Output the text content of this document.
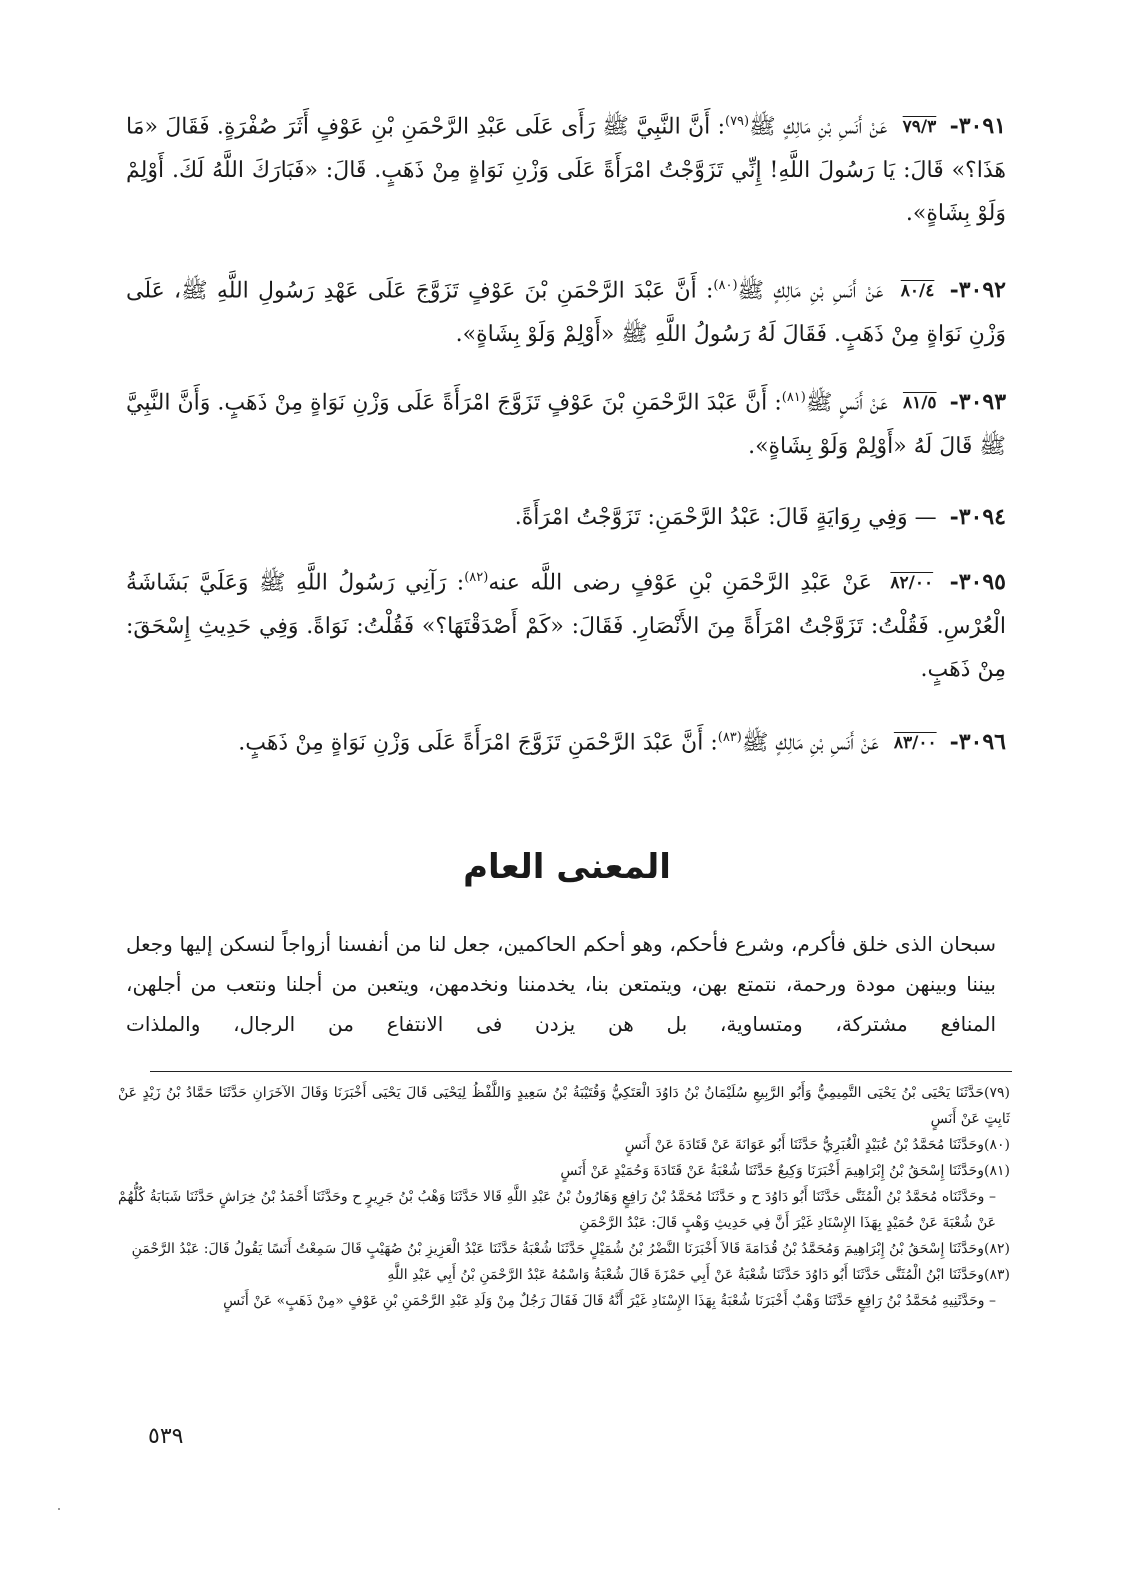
٣٠٩١- ٧٩/٣ عَنْ أَنَسِ بْنِ مَالِكٍ ﷺ$^{(٧٩)}$: أَنَّ النَّبِيَّ ﷺ رَأَى عَلَى عَبْدِ الرَّحْمَنِ بْنِ عَوْفٍ أَثَرَ صُفْرَةٍ. فَقَالَ «مَا هَذَا؟» قَالَ: يَا رَسُولَ اللَّهِ! إِنِّي تَزَوَّجْتُ امْرَأَةً عَلَى وَزْنِ نَوَاةٍ مِنْ ذَهَبٍ. قَالَ: «فَبَارَكَ اللَّهُ لَكَ. أَوْلِمْ وَلَوْ بِشَاةٍ».
٣٠٩٢- ٨٠/٤ عَنْ أَنَسِ بْنِ مَالِكٍ ﷺ$^{(٨٠)}$: أَنَّ عَبْدَ الرَّحْمَنِ بْنَ عَوْفٍ تَزَوَّجَ عَلَى عَهْدِ رَسُولِ اللَّهِ ﷺ، عَلَى وَزْنِ نَوَاةٍ مِنْ ذَهَبٍ. فَقَالَ لَهُ رَسُولُ اللَّهِ ﷺ «أَوْلِمْ وَلَوْ بِشَاةٍ».
٣٠٩٣- ٨١/٥ عَنْ أَنَسٍ ﷺ$^{(٨١)}$: أَنَّ عَبْدَ الرَّحْمَنِ بْنَ عَوْفٍ تَزَوَّجَ امْرَأَةً عَلَى وَزْنِ نَوَاةٍ مِنْ ذَهَبٍ. وَأَنَّ النَّبِيَّ ﷺ قَالَ لَهُ «أَوْلِمْ وَلَوْ بِشَاةٍ».
٣٠٩٤- — وَفِي رِوَايَةٍ قَالَ: عَبْدُ الرَّحْمَنِ: تَزَوَّجْتُ امْرَأَةً.
٣٠٩٥- ٨٢/٠٠ عَنْ عَبْدِ الرَّحْمَنِ بْنِ عَوْفٍ رضى اللَّه عنه$^{(٨٢)}$: رَآنِي رَسُولُ اللَّهِ ﷺ وَعَلَيَّ بَشَاشَةُ الْعُرْسِ. فَقُلْتُ: تَزَوَّجْتُ امْرَأَةً مِنَ الأَنْصَارِ. فَقَالَ: «كَمْ أَصْدَقْتَهَا؟» فَقُلْتُ: نَوَاةً. وَفِي حَدِيثِ إِسْحَقَ: مِنْ ذَهَبٍ.
٣٠٩٦- ٨٣/٠٠ عَنْ أَنَسِ بْنِ مَالِكٍ ﷺ$^{(٨٣)}$: أَنَّ عَبْدَ الرَّحْمَنِ تَزَوَّجَ امْرَأَةً عَلَى وَزْنِ نَوَاةٍ مِنْ ذَهَبٍ.
المعنى العام
سبحان الذى خلق فأكرم، وشرع فأحكم، وهو أحكم الحاكمين، جعل لنا من أنفسنا أزواجاً لنسكن إليها وجعل بيننا وبينهن مودة ورحمة، نتمتع بهن، ويتمتعن بنا، يخدمننا ونخدمهن، ويتعبن من أجلنا ونتعب من أجلهن، المنافع مشتركة، ومتساوية، بل هن يزدن فى الانتفاع من الرجال، والملذات

(٧٩)حَدَّثَنَا يَحْيَى بْنُ يَحْيَى التَّمِيمِيُّ وَأَبُو الرَّبِيعِ سُلَيْمَانُ بْنُ دَاوُدَ الْعَتَكِيُّ وَقُتَيْبَةُ بْنُ سَعِيدٍ وَاللَّفْظُ لِيَحْيَى قَالَ يَحْيَى أَخْبَرَنَا وَقَالَ الآخَرَانِ حَدَّثَنَا حَمَّادُ بْنُ زَيْدٍ عَنْ ثَابِتٍ عَنْ أَنَسٍ

(٨٠)وحَدَّثَنَا مُحَمَّدُ بْنُ عُبَيْدٍ الْغُبَرِيُّ حَدَّثَنَا أَبُو عَوَانَةَ عَنْ قَتَادَةَ عَنْ أَنَسٍ

(٨١)وحَدَّثَنَا إِسْحَقُ بْنُ إِبْرَاهِيمَ أَخْبَرَنَا وَكِيعٌ حَدَّثَنَا شُعْبَةُ عَنْ قَتَادَةَ وَحُمَيْدٍ عَنْ أَنَسٍ

– وحَدَّثَنَاه مُحَمَّدُ بْنُ الْمُثَنَّى حَدَّثَنَا أَبُو دَاوُدَ ح و حَدَّثَنَا مُحَمَّدُ بْنُ رَافِعٍ وَهَارُونُ بْنُ عَبْدِ اللَّهِ قَالا حَدَّثَنَا وَهْبُ بْنُ جَرِيرٍ ح وحَدَّثَنَا أَحْمَدُ بْنُ خِرَاشٍ حَدَّثَنَا شَبَابَةُ كُلُّهُمْ عَنْ شُعْبَةَ عَنْ حُمَيْدٍ بِهَذَا الإِسْنَادِ غَيْرَ أَنَّ فِي حَدِيثِ وَهْبٍ قَالَ: عَبْدُ الرَّحْمَنِ

(٨٢)وحَدَّثَنَا إِسْحَقُ بْنُ إِبْرَاهِيمَ وَمُحَمَّدُ بْنُ قُدَامَةَ قَالاَ أَخْبَرَنَا النَّضْرُ بْنُ شُمَيْلٍ حَدَّثَنَا شُعْبَةُ حَدَّثَنَا عَبْدُ الْعَزِيزِ بْنُ صُهَيْبٍ قَالَ سَمِعْتُ أَنَسًا يَقُولُ قَالَ: عَبْدُ الرَّحْمَنِ

(٨٣)وحَدَّثَنَا ابْنُ الْمُثَنَّى حَدَّثَنَا أَبُو دَاوُدَ حَدَّثَنَا شُعْبَةُ عَنْ أَبِي حَمْزَةَ قَالَ شُعْبَةُ وَاسْمُهُ عَبْدُ الرَّحْمَنِ بْنُ أَبِي عَبْدِ اللَّهِ

– وحَدَّثَنِيهِ مُحَمَّدُ بْنُ رَافِعٍ حَدَّثَنَا وَهْبٌ أَخْبَرَنَا شُعْبَةُ بِهَذَا الإِسْنَادِ غَيْرَ أَنَّهُ قَالَ فَقَالَ رَجُلٌ مِنْ وَلَدِ عَبْدِ الرَّحْمَنِ بْنِ عَوْفٍ «مِنْ ذَهَبٍ» عَنْ أَنَسٍ

٥٣٩
